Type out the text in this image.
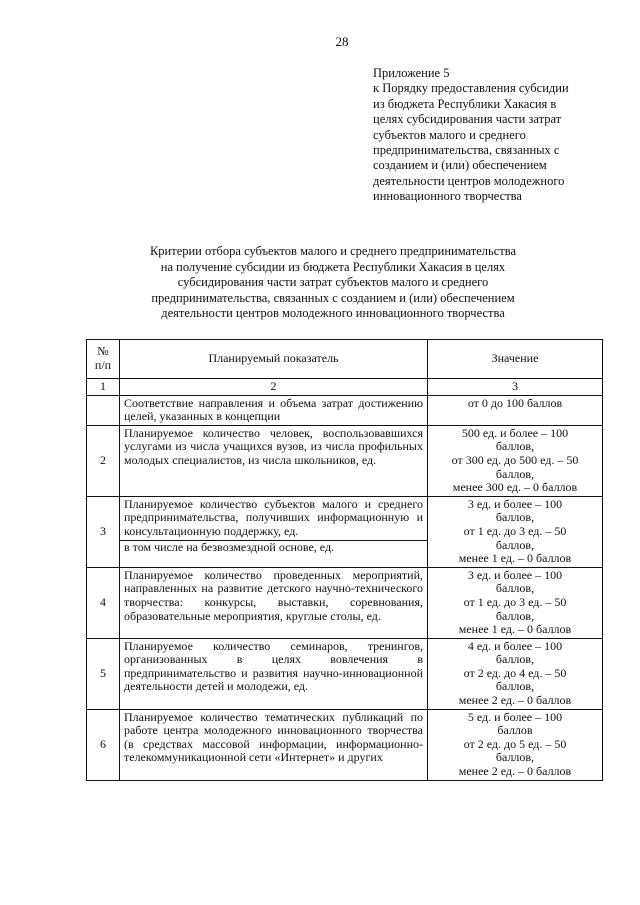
28
Приложение 5
к Порядку предоставления субсидии
из бюджета Республики Хакасия в
целях субсидирования части затрат
субъектов малого и среднего
предпринимательства, связанных с
созданием и (или) обеспечением
деятельности центров молодежного
инновационного творчества
Критерии отбора субъектов малого и среднего предпринимательства
на получение субсидии из бюджета Республики Хакасия в целях
субсидирования части затрат субъектов малого и среднего
предпринимательства, связанных с созданием и (или) обеспечением
деятельности центров молодежного инновационного творчества
№
п/п	Планируемый показатель	Значение
1	2	3
	Соответствие направления и объема затрат достижению целей, указанных в концепции	от 0 до 100 баллов

2	Планируемое количество человек, воспользовавшихся услугами из числа учащихся вузов, из числа профильных молодых специалистов, из числа школьников, ед.	500 ед. и более – 100
баллов,
от 300 ед. до 500 ед. – 50
баллов,
менее 300 ед. – 0 баллов

3	Планируемое количество субъектов малого и среднего предпринимательства, получивших информационную и консультационную поддержку, ед.
в том числе на безвозмездной основе, ед.	3 ед. и более – 100
баллов,
от 1 ед. до 3 ед. – 50
баллов,
менее 1 ед. – 0 баллов

4	Планируемое количество проведенных мероприятий, направленных на развитие детского научно-технического творчества: конкурсы, выставки, соревнования, образовательные мероприятия, круглые столы, ед.	3 ед. и более – 100
баллов,
от 1 ед. до 3 ед. – 50
баллов,
менее 1 ед. – 0 баллов

5	Планируемое количество семинаров, тренингов, организованных в целях вовлечения в предпринимательство и развития научно-инновационной деятельности детей и молодежи, ед.	4 ед. и более – 100
баллов,
от 2 ед. до 4 ед. – 50
баллов,
менее 2 ед. – 0 баллов

6	Планируемое количество тематических публикаций по работе центра молодежного инновационного творчества (в средствах массовой информации, информационно-телекоммуникационной сети «Интернет» и других	5 ед. и более – 100
баллов
от 2 ед. до 5 ед. – 50
баллов,
менее 2 ед. – 0 баллов
